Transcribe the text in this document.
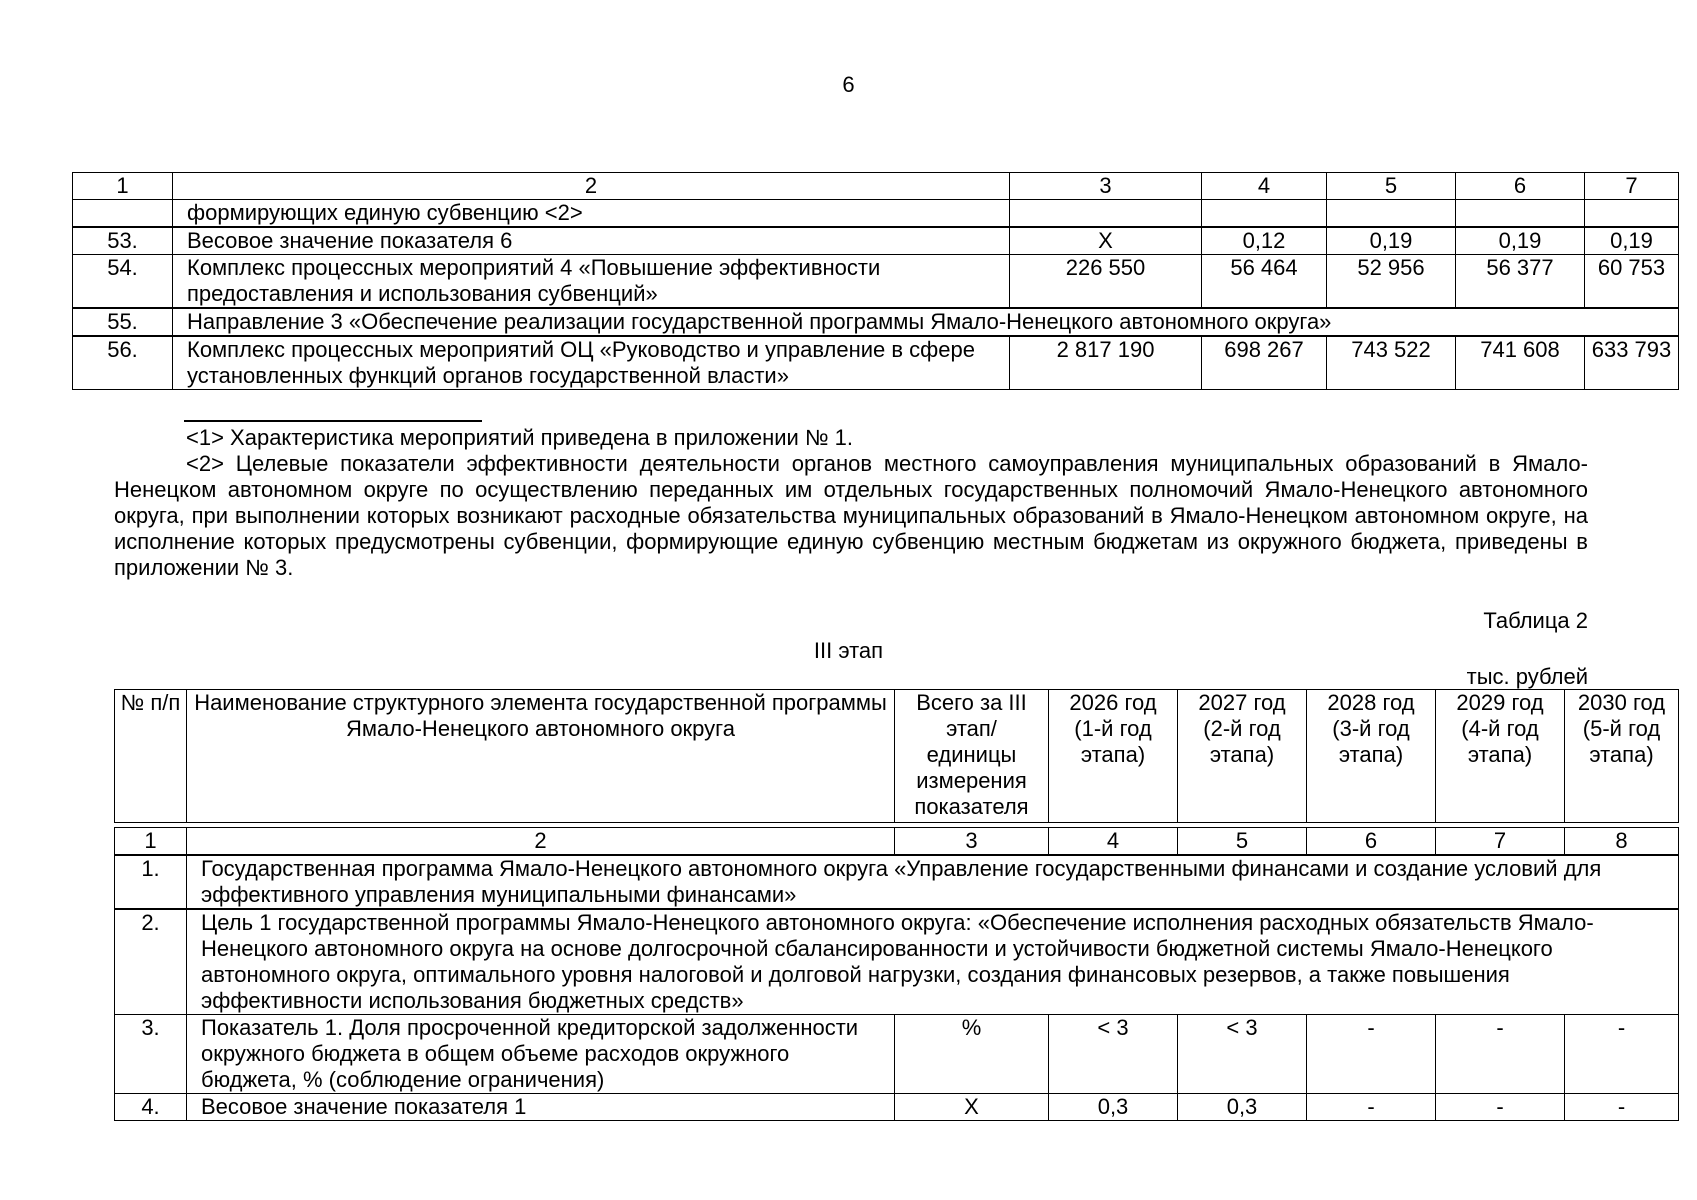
6
1	2	3	4	5	6	7
	формирующих единую субвенцию <2>					
53.	Весовое значение показателя 6	Х	0,12	0,19	0,19	0,19
54.	Комплекс процессных мероприятий 4 «Повышение эффективности предоставления и использования субвенций»	226 550	56 464	52 956	56 377	60 753
55.	Направление 3 «Обеспечение реализации государственной программы Ямало-Ненецкого автономного округа»					
56.	Комплекс процессных мероприятий ОЦ «Руководство и управление в сфере установленных функций органов государственной власти»	2 817 190	698 267	743 522	741 608	633 793
<1> Характеристика мероприятий приведена в приложении № 1.
<2> Целевые показатели эффективности деятельности органов местного самоуправления муниципальных образований в Ямало-Ненецком автономном округе по осуществлению переданных им отдельных государственных полномочий Ямало-Ненецкого автономного округа, при выполнении которых возникают расходные обязательства муниципальных образований в Ямало-Ненецком автономном округе, на исполнение которых предусмотрены субвенции, формирующие единую субвенцию местным бюджетам из окружного бюджета, приведены в приложении № 3.
Таблица 2
III этап
тыс. рублей
№ п/п	Наименование структурного элемента государственной программы Ямало-Ненецкого автономного округа	Всего за III этап/ единицы измерения показателя	2026 год (1-й год этапа)	2027 год (2-й год этапа)	2028 год (3-й год этапа)	2029 год (4-й год этапа)	2030 год (5-й год этапа)

1	2	3	4	5	6	7	8
1.	Государственная программа Ямало-Ненецкого автономного округа «Управление государственными финансами и создание условий для эффективного управления муниципальными финансами»						
2.	Цель 1 государственной программы Ямало-Ненецкого автономного округа: «Обеспечение исполнения расходных обязательств Ямало-Ненецкого автономного округа на основе долгосрочной сбалансированности и устойчивости бюджетной системы Ямало-Ненецкого автономного округа, оптимального уровня налоговой и долговой нагрузки, создания финансовых резервов, а также повышения эффективности использования бюджетных средств»						
3.	Показатель 1. Доля просроченной кредиторской задолженности окружного бюджета в общем объеме расходов окружного бюджета, % (соблюдение ограничения)	%	< 3	< 3	-	-	-
4.	Весовое значение показателя 1	Х	0,3	0,3	-	-	-
